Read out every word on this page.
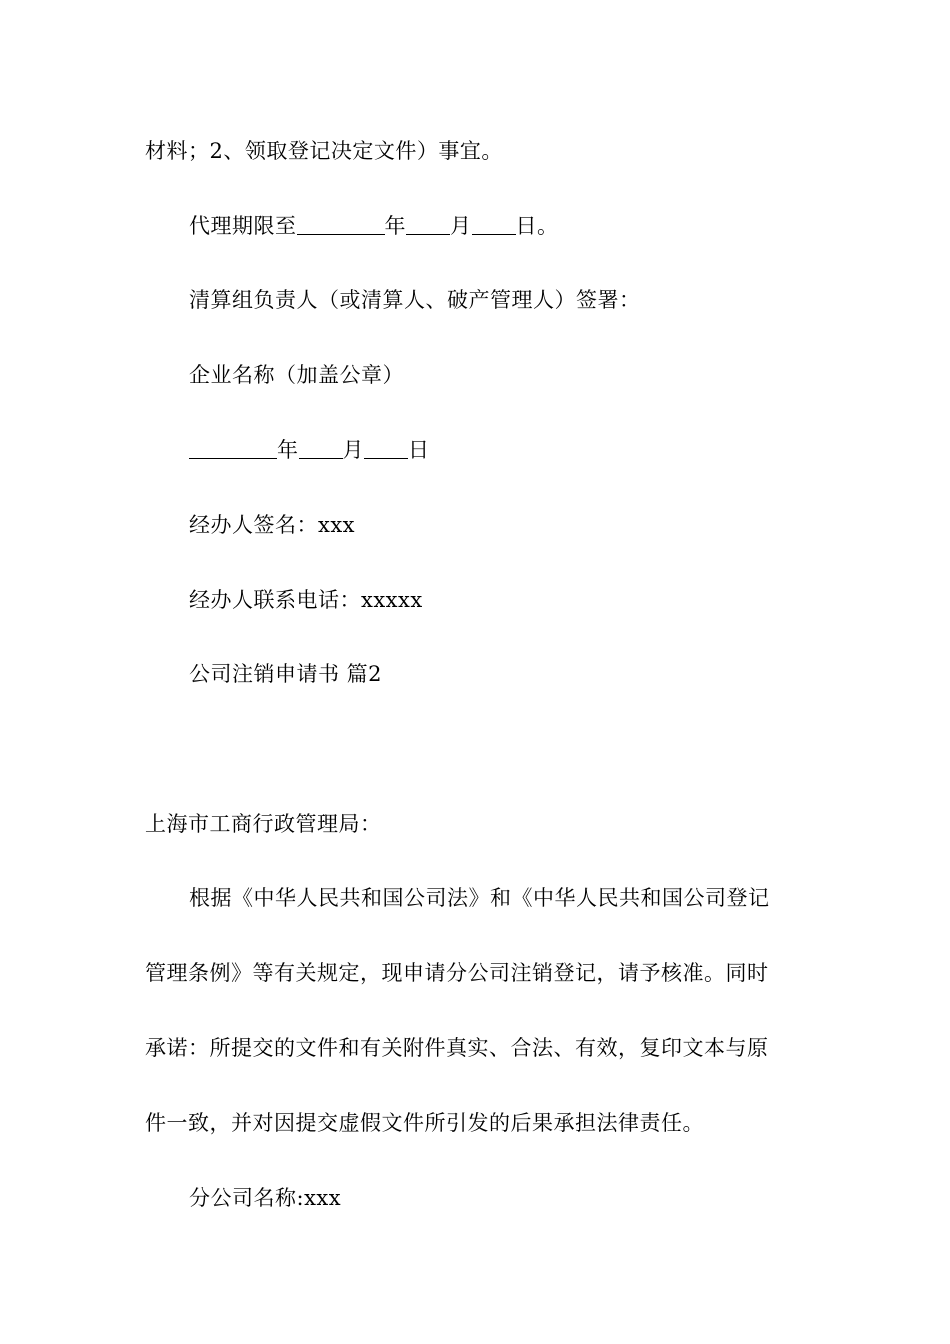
材料；2、领取登记决定文件）事宜。
代理期限至	年 月 日。
清算组负责人（或清算人、破产管理人）签署：
企业名称（加盖公章）
年 月 日
经办人签名：xxx
经办人联系电话：xxxxx
公司注销申请书 篇2
上海市工商行政管理局：
根据《中华人民共和国公司法》和《中华人民共和国公司登记
管理条例》等有关规定，现申请分公司注销登记，请予核准。同时
承诺：所提交的文件和有关附件真实、合法、有效，复印文本与原
件一致，并对因提交虚假文件所引发的后果承担法律责任。
分公司名称:xxx
